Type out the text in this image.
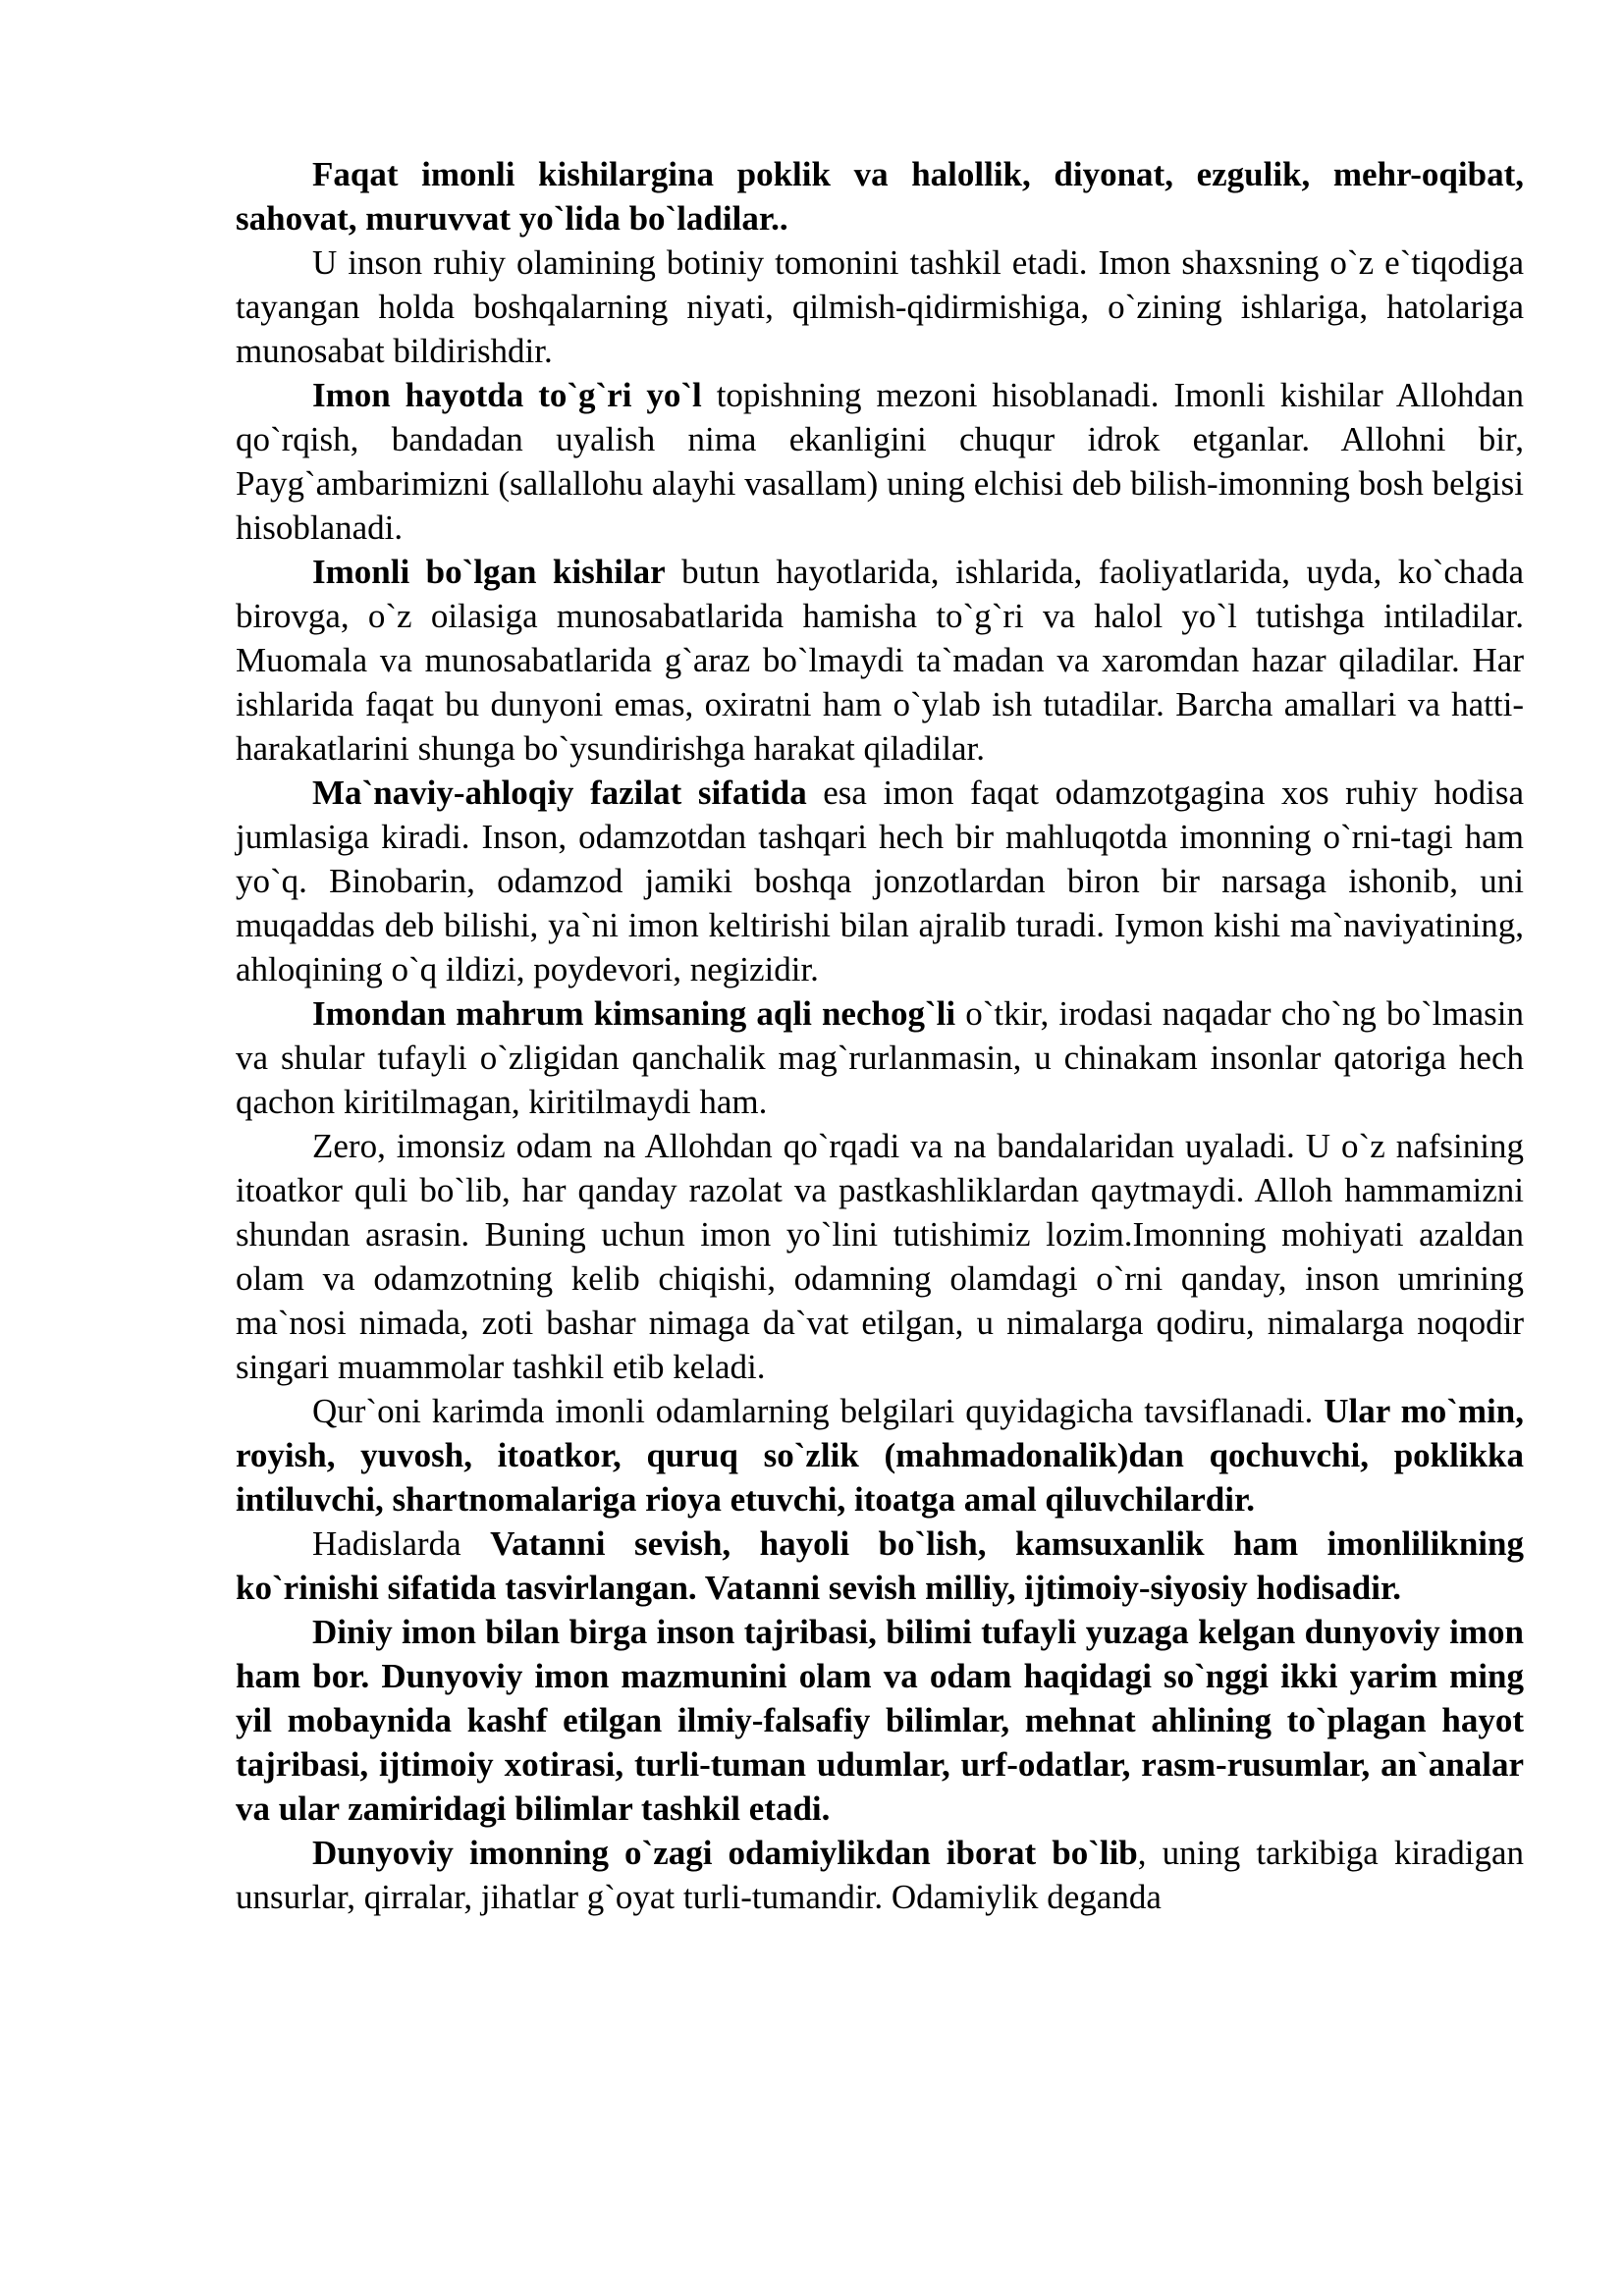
Faqat imonli kishilargina poklik va halollik, diyonat, ezgulik, mehr-oqibat, sahovat, muruvvat yo`lida bo`ladilar..

U inson ruhiy olamining botiniy tomonini tashkil etadi. Imon shaxsning o`z e`tiqodiga tayangan holda boshqalarning niyati, qilmish-qidirmishiga, o`zining ishlariga, hatolariga munosabat bildirishdir.

Imon hayotda to`g`ri yo`l topishning mezoni hisoblanadi. Imonli kishilar Allohdan qo`rqish, bandadan uyalish nima ekanligini chuqur idrok etganlar. Allohni bir, Payg`ambarimizni (sallallohu alayhi vasallam) uning elchisi deb bilish-imonning bosh belgisi hisoblanadi.

Imonli bo`lgan kishilar butun hayotlarida, ishlarida, faoliyatlarida, uyda, ko`chada birovga, o`z oilasiga munosabatlarida hamisha to`g`ri va halol yo`l tutishga intiladilar. Muomala va munosabatlarida g`araz bo`lmaydi ta`madan va xaromdan hazar qiladilar. Har ishlarida faqat bu dunyoni emas, oxiratni ham o`ylab ish tutadilar. Barcha amallari va hatti-harakatlarini shunga bo`ysundirishga harakat qiladilar.

Ma`naviy-ahloqiy fazilat sifatida esa imon faqat odamzotgagina xos ruhiy hodisa jumlasiga kiradi. Inson, odamzotdan tashqari hech bir mahluqotda imonning o`rni-tagi ham yo`q. Binobarin, odamzod jamiki boshqa jonzotlardan biron bir narsaga ishonib, uni muqaddas deb bilishi, ya`ni imon keltirishi bilan ajralib turadi. Iymon kishi ma`naviyatining, ahloqining o`q ildizi, poydevori, negizidir.

Imondan mahrum kimsaning aqli nechog`li o`tkir, irodasi naqadar cho`ng bo`lmasin va shular tufayli o`zligidan qanchalik mag`rurlanmasin, u chinakam insonlar qatoriga hech qachon kiritilmagan, kiritilmaydi ham.

Zero, imonsiz odam na Allohdan qo`rqadi va na bandalaridan uyaladi. U o`z nafsining itoatkor quli bo`lib, har qanday razolat va pastkashliklardan qaytmaydi. Alloh hammamizni shundan asrasin. Buning uchun imon yo`lini tutishimiz lozim.Imonning mohiyati azaldan olam va odamzotning kelib chiqishi, odamning olamdagi o`rni qanday, inson umrining ma`nosi nimada, zoti bashar nimaga da`vat etilgan, u nimalarga qodiru, nimalarga noqodir singari muammolar tashkil etib keladi.

Qur`oni karimda imonli odamlarning belgilari quyidagicha tavsiflanadi. Ular mo`min, royish, yuvosh, itoatkor, quruq so`zlik (mahmadonalik)dan qochuvchi, poklikka intiluvchi, shartnomalariga rioya etuvchi, itoatga amal qiluvchilardir.

Hadislarda Vatanni sevish, hayoli bo`lish, kamsuxanlik ham imonlilikning ko`rinishi sifatida tasvirlangan. Vatanni sevish milliy, ijtimoiy-siyosiy hodisadir.

Diniy imon bilan birga inson tajribasi, bilimi tufayli yuzaga kelgan dunyoviy imon ham bor. Dunyoviy imon mazmunini olam va odam haqidagi so`nggi ikki yarim ming yil mobaynida kashf etilgan ilmiy-falsafiy bilimlar, mehnat ahlining to`plagan hayot tajribasi, ijtimoiy xotirasi, turli-tuman udumlar, urf-odatlar, rasm-rusumlar, an`analar va ular zamiridagi bilimlar tashkil etadi.

Dunyoviy imonning o`zagi odamiylikdan iborat bo`lib, uning tarkibiga kiradigan unsurlar, qirralar, jihatlar g`oyat turli-tumandir. Odamiylik deganda
